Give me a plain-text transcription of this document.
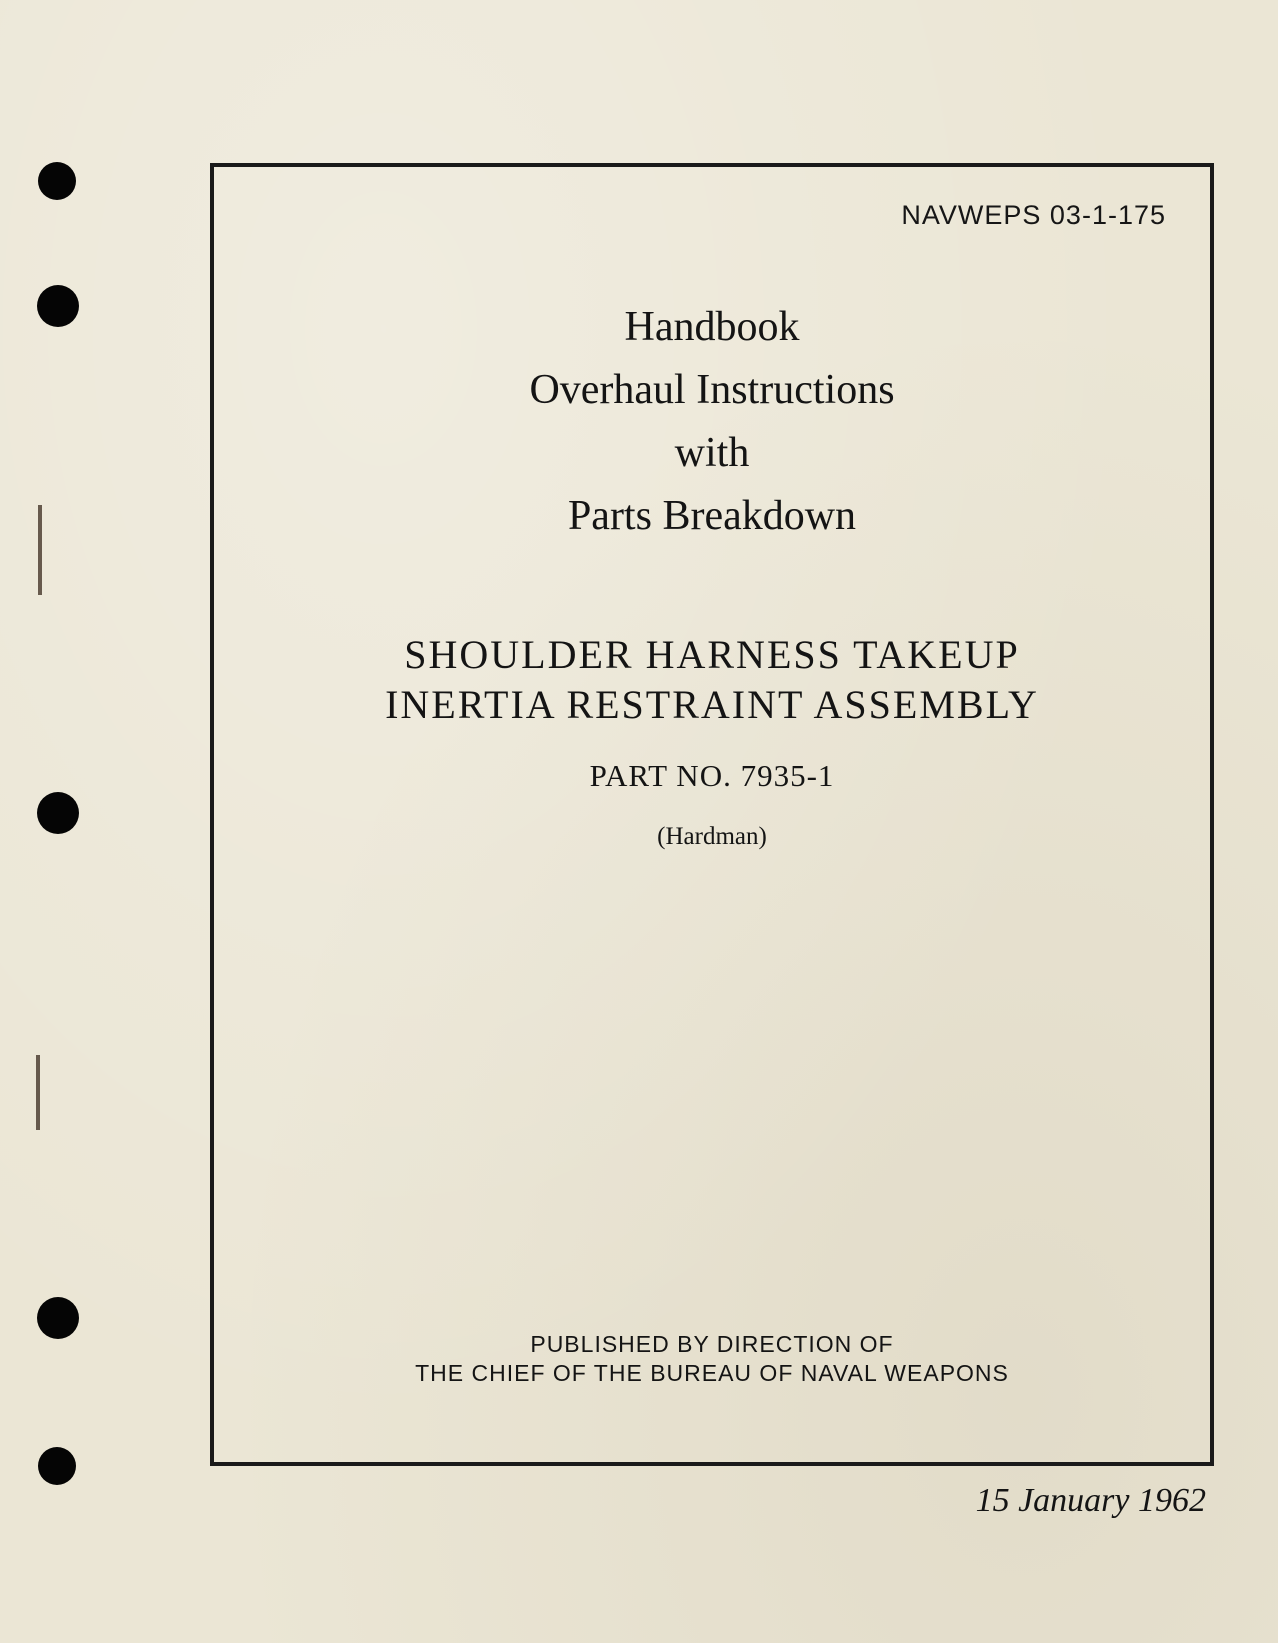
NAVWEPS 03-1-175
Handbook
Overhaul Instructions
with
Parts Breakdown
SHOULDER HARNESS TAKEUP
INERTIA RESTRAINT ASSEMBLY
PART NO. 7935-1
(Hardman)
PUBLISHED BY DIRECTION OF
THE CHIEF OF THE BUREAU OF NAVAL WEAPONS
15 January 1962
